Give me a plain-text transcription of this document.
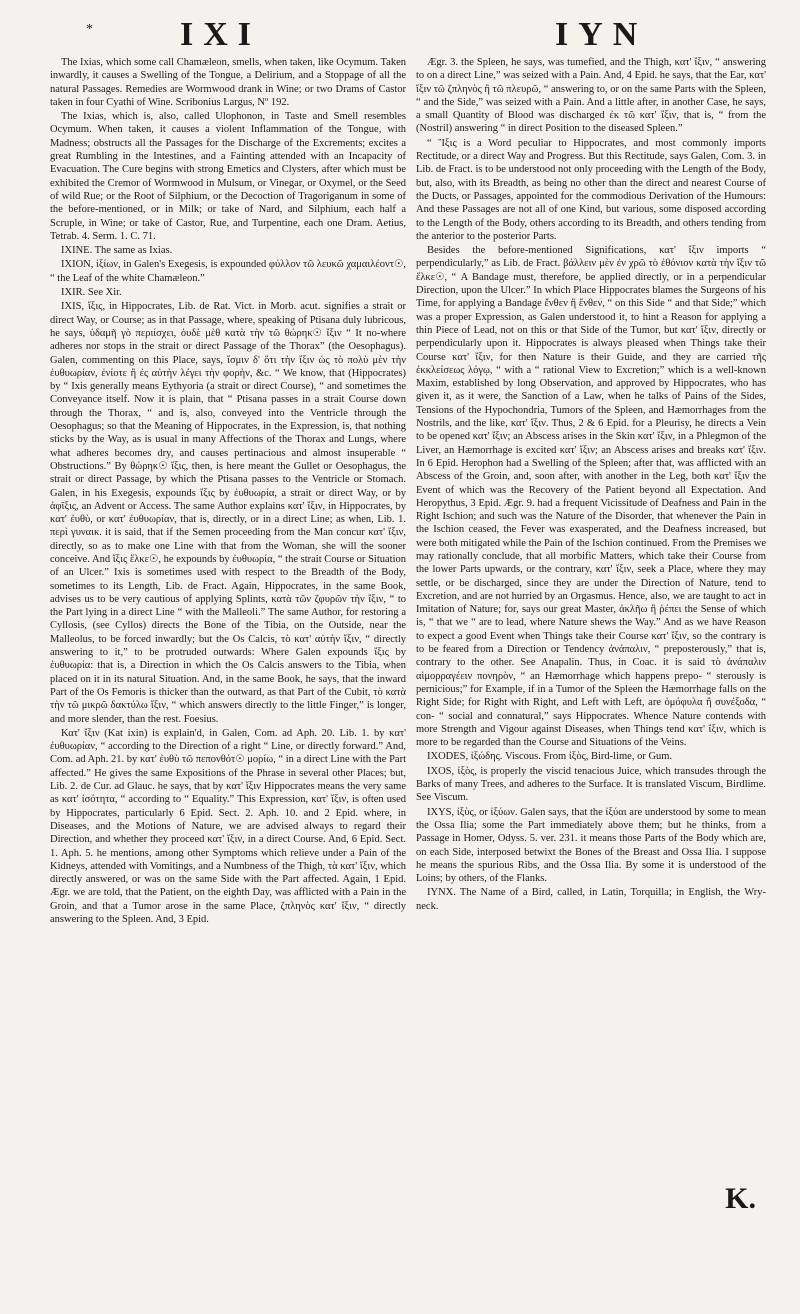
*	IXI	IYN

The Ixias, which some call Chamæleon, smells, when taken, like Ocymum. Taken inwardly, it causes a Swelling of the Tongue, a Delirium, and a Stoppage of all the natural Passages. Remedies are Wormwood drank in Wine; or two Drams of Castor taken in four Cyathi of Wine. Scribonius Largus, Nº 192.

The Ixias, which is, also, called Ulophonon, in Taste and Smell resembles Ocymum. When taken, it causes a violent Inflammation of the Tongue, with Madness; obstructs all the Passages for the Discharge of the Excrements; excites a great Rumbling in the Intestines, and a Fainting attended with an Incapacity of Evacuation. The Cure begins with strong Emetics and Clysters, after which must be exhibited the Cremor of Wormwood in Mulsum, or Vinegar, or Oxymel, or the Seed of wild Rue; or the Root of Silphium, or the Decoction of Tragoriganum in some of the before-mentioned, or in Milk; or take of Nard, and Silphium, each half a Scruple, in Wine; or take of Castor, Rue, and Turpentine, each one Dram. Aetius, Tetrab. 4. Serm. 1. C. 71.

IXINE. The same as Ixias.

IXION, ἰξίων, in Galen's Exegesis, is expounded φύλλον τῶ λευκῶ χαμαιλέοντ☉, “ the Leaf of the white Chamæleon.”

IXIR. See Xir.

IXIS, ἴξις, in Hippocrates, Lib. de Rat. Vict. in Morb. acut. signifies a strait or direct Way, or Course; as in that Passage, where, speaking of Ptisana duly lubricous, he says, ὑδαμῆ γὸ περιίσχει, ὁυδὲ μὲθ κατὰ τὴν τῶ θώρηκ☉ ἴξιν “ It no-where adheres nor stops in the strait or direct Passage of the Thorax” (the Oesophagus). Galen, commenting on this Place, says, ἴσμιν δ' ὅτι τὴν ἴξιν ὡς τὸ πολὺ μὲν τὴν ἐυθυωρίαν, ἐνίοτε ἢ ἐς αὐτὴν λέγει τὴν φορὴν, &c. “ We know, that (Hippocrates) by “ Ixis generally means Eythyoria (a strait or direct Course), “ and sometimes the Conveyance itself. Now it is plain, that “ Ptisana passes in a strait Course down through the Thorax, “ and is, also, conveyed into the Ventricle through the Oesophagus; so that the Meaning of Hippocrates, in the Expression, is, that nothing sticks by the Way, as is usual in many Affections of the Thorax and Lungs, where what adheres becomes dry, and causes pertinacious and almost insuperable “ Obstructions.” By θώρηκ☉ ἴξις, then, is here meant the Gullet or Oesophagus, the strait or direct Passage, by which the Ptisana passes to the Ventricle or Stomach. Galen, in his Exegesis, expounds ἴξις by ἐυθυωρία, a strait or direct Way, or by ἀφῖξις, an Advent or Access. The same Author explains κατ' ἴξιν, in Hippocrates, by κατ' ἐυθὺ, or κατ' ἐυθυωρίαν, that is, directly, or in a direct Line; as when, Lib. 1. περὶ γυναικ. it is said, that if the Semen proceeding from the Man concur κατ' ἴξιν, directly, so as to make one Line with that from the Woman, she will the sooner conceive. And ἴξις ἕλκε☉, he expounds by ἐυθυωρία, “ the strait Course or Situation of an Ulcer.” Ixis is sometimes used with respect to the Breadth of the Body, sometimes to its Length, Lib. de Fract. Again, Hippocrates, in the same Book, advises us to be very cautious of applying Splints, κατὰ τῶν ζφυρῶν τὴν ἴξιν, “ to the Part lying in a direct Line “ with the Malleoli.” The same Author, for restoring a Cyllosis, (see Cyllos) directs the Bone of the Tibia, on the Outside, near the Malleolus, to be forced inwardly; but the Os Calcis, τὸ κατ' αὐτὴν ἴξιν, “ directly answering to it,” to be protruded outwards: Where Galen expounds ἴξις by ἐυθυωρία: that is, a Direction in which the Os Calcis answers to the Tibia, when placed on it in its natural Situation. And, in the same Book, he says, that the inward Part of the Os Femoris is thicker than the outward, as that Part of the Cubit, τὸ κατὰ τὴν τῶ μικρῶ δακτύλω ἴξιν, “ which answers directly to the little Finger,” is longer, and more slender, than the rest. Foesius.

Κατ' ἴξιν (Kat ixin) is explain'd, in Galen, Com. ad Aph. 20. Lib. 1. by κατ' ἐυθυωρίαν, “ according to the Direction of a right “ Line, or directly forward.” And, Com. ad Aph. 21. by κατ' ἐυθὺ τῶ πεπονθότ☉ μορίω, “ in a direct Line with the Part affected.” He gives the same Expositions of the Phrase in several other Places; but, Lib. 2. de Cur. ad Glauc. he says, that by κατ' ἴξιν Hippocrates means the very same as κατ' ἰσότητα, “ according to “ Equality.” This Expression, κατ' ἴξιν, is often used by Hippocrates, particularly 6 Epid. Sect. 2. Aph. 10. and 2 Epid. where, in Diseases, and the Motions of Nature, we are advised always to regard their Direction, and whether they proceed κατ' ἴξιν, in a direct Course. And, 6 Epid. Sect. 1. Aph. 5. he mentions, among other Symptoms which relieve under a Pain of the Kidneys, attended with Vomitings, and a Numbness of the Thigh, τὰ κατ' ἴξιν, which directly answered, or was on the same Side with the Part affected. Again, 1 Epid. Ægr. we are told, that the Patient, on the eighth Day, was afflicted with a Pain in the Groin, and that a Tumor arose in the same Place, ζπληνὸς κατ' ἴξιν, “ directly answering to the Spleen. And, 3 Epid.

Ægr. 3. the Spleen, he says, was tumefied, and the Thigh, κατ' ἴξιν, “ answering to on a direct Line,” was seized with a Pain. And, 4 Epid. he says, that the Ear, κατ' ἴξιν τῶ ζπληνὸς ἢ τῶ πλευρῶ, “ answering to, or on the same Parts with the Spleen, “ and the Side,” was seized with a Pain. And a little after, in another Case, he says, a small Quantity of Blood was discharged ἐκ τῶ κατ' ἴξιν, that is, “ from the (Nostril) answering “ in direct Position to the diseased Spleen.”

“ Ἴξις is a Word peculiar to Hippocrates, and most commonly imports Rectitude, or a direct Way and Progress. But this Rectitude, says Galen, Com. 3. in Lib. de Fract. is to be understood not only proceeding with the Length of the Body, but, also, with its Breadth, as being no other than the direct and nearest Course of the Ducts, or Passages, appointed for the commodious Derivation of the Humours: And these Passages are not all of one Kind, but various, some disposed according to the Length of the Body, others according to its Breadth, and others tending from the anterior to the posterior Parts.

Besides the before-mentioned Significations, κατ' ἴξιν imports “ perpendicularly,” as Lib. de Fract. βάλλειν μὲν ἐν χρῶ τὸ ἐθόνιον κατὰ τὴν ἴξιν τῶ ἕλκε☉, “ A Bandage must, therefore, be applied directly, or in a perpendicular Direction, upon the Ulcer.” In which Place Hippocrates blames the Surgeons of his Time, for applying a Bandage ἔνθεν ἢ ἔνθεν, “ on this Side “ and that Side;” which was a proper Expression, as Galen understood it, to hint a Reason for applying a thin Piece of Lead, not on this or that Side of the Tumor, but κατ' ἴξιν, directly or perpendicularly upon it. Hippocrates is always pleased when Things take their Course κατ' ἴξιν, for then Nature is their Guide, and they are carried τῆς ἐκκλείσεως λόγῳ, “ with a “ rational View to Excretion;” which is a well-known Maxim, established by long Observation, and approved by Hippocrates, who has given it, as it were, the Sanction of a Law, when he talks of Pains of the Sides, Tensions of the Hypochondria, Tumors of the Spleen, and Hæmorrhages from the Nostrils, and the like, κατ' ἴξιν. Thus, 2 & 6 Epid. for a Pleurisy, he directs a Vein to be opened κατ' ἴξιν; an Abscess arises in the Skin κατ' ἴξιν, in a Phlegmon of the Liver, an Hæmorrhage is excited κατ' ἴξιν; an Abscess arises and breaks κατ' ἴξιν. In 6 Epid. Herophon had a Swelling of the Spleen; after that, was afflicted with an Abscess of the Groin, and, soon after, with another in the Leg, both κατ' ἴξιν the Event of which was the Recovery of the Patient beyond all Expectation. And Heropythus, 3 Epid. Ægr. 9. had a frequent Vicissitude of Deafness and Pain in the Right Ischion; and such was the Nature of the Disorder, that whenever the Pain in the Ischion ceased, the Fever was exasperated, and the Deafness increased, but were both mitigated while the Pain of the Ischion continued. From the Premises we may rationally conclude, that all morbific Matters, which take their Course from the lower Parts upwards, or the contrary, κατ' ἴξιν, seek a Place, where they may settle, or be discharged, since they are under the Direction of Nature, tend to Excretion, and are not hurried by an Orgasmus. Hence, also, we are taught to act in Imitation of Nature; for, says our great Master, ἀκλῆω ἢ ῥέπει the Sense of which is, “ that we “ are to lead, where Nature shews the Way.” And as we have Reason to expect a good Event when Things take their Course κατ' ἴξιν, so the contrary is to be feared from a Direction or Tendency ἀνάπαλιν, “ preposterously,” that is, contrary to the other. See Anapalin. Thus, in Coac. it is said τὸ ἀνάπαλιν αἱμορραγέειν πονηρὸν, “ an Hæmorrhage which happens prepo- “ sterously is pernicious;” for Example, if in a Tumor of the Spleen the Hæmorrhage falls on the Right Side; for Right with Right, and Left with Left, are ὁμόφυλα ἢ συνέξοδα, “ con- “ social and connatural,” says Hippocrates. Whence Nature contends with more Strength and Vigour against Diseases, when Things tend κατ' ἴξιν, which is more to be regarded than the Course and Situations of the Veins.

IXODES, ἰξώδης. Viscous. From ἰξὸς, Bird-lime, or Gum.

IXOS, ἰξὸς, is properly the viscid tenacious Juice, which transudes through the Barks of many Trees, and adheres to the Surface. It is translated Viscum, Birdlime. See Viscum.

IXYS, ἰξὺς, or ἰξύων. Galen says, that the ἰξύαι are understood by some to mean the Ossa Ilia; some the Part immediately above them; but he thinks, from a Passage in Homer, Odyss. 5. ver. 231. it means those Parts of the Body which are, on each Side, interposed betwixt the Bones of the Breast and Ossa Ilia. I suppose he means the spurious Ribs, and the Ossa Ilia. By some it is understood of the Loins; by others, of the Flanks.

IYNX. The Name of a Bird, called, in Latin, Torquilla; in English, the Wry-neck.

K.
